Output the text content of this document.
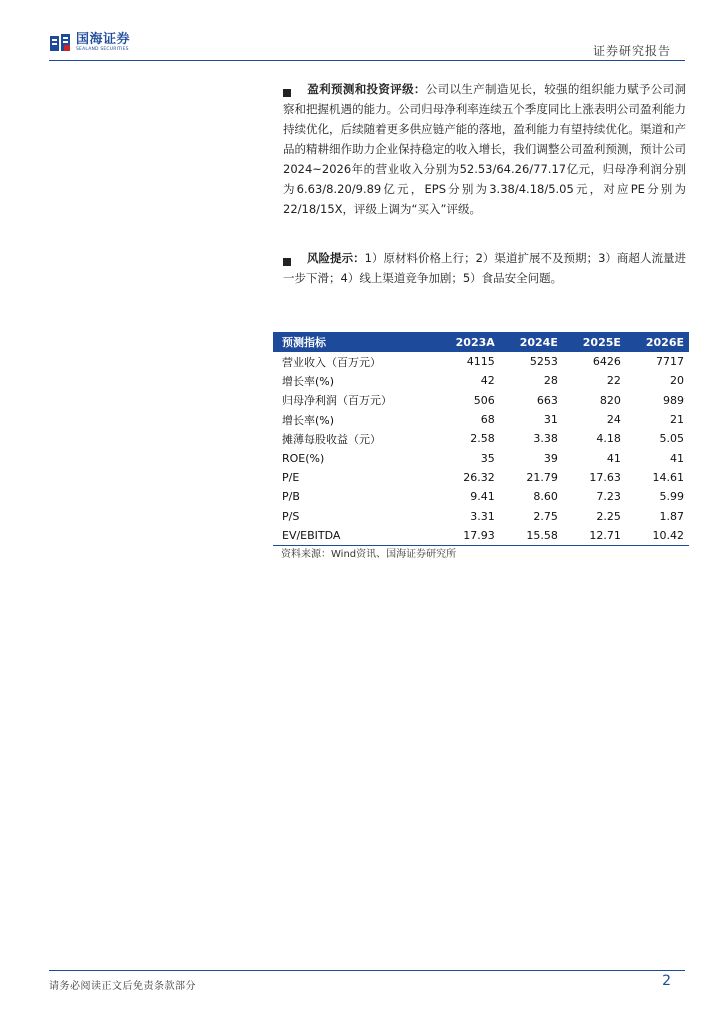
国海证券
SEALAND SECURITIES	证券研究报告
盈利预测和投资评级：公司以生产制造见长，较强的组织能力赋予公司洞察和把握机遇的能力。公司归母净利率连续五个季度同比上涨表明公司盈利能力持续优化，后续随着更多供应链产能的落地，盈利能力有望持续优化。渠道和产品的精耕细作助力企业保持稳定的收入增长，我们调整公司盈利预测，预计公司2024~2026年的营业收入分别为52.53/64.26/77.17亿元，归母净利润分别为6.63/8.20/9.89亿元，EPS分别为3.38/4.18/5.05元，对应PE分别为22/18/15X，评级上调为“买入”评级。
风险提示：1）原材料价格上行；2）渠道扩展不及预期；3）商超人流量进一步下滑；4）线上渠道竞争加剧；5）食品安全问题。
预测指标	2023A	2024E	2025E	2026E
营业收入（百万元）	4115	5253	6426	7717
增长率(%)	42	28	22	20
归母净利润（百万元）	506	663	820	989
增长率(%)	68	31	24	21
摊薄每股收益（元）	2.58	3.38	4.18	5.05
ROE(%)	35	39	41	41
P/E	26.32	21.79	17.63	14.61
P/B	9.41	8.60	7.23	5.99
P/S	3.31	2.75	2.25	1.87
EV/EBITDA	17.93	15.58	12.71	10.42
资料来源：Wind资讯、国海证券研究所
请务必阅读正文后免责条款部分	2
